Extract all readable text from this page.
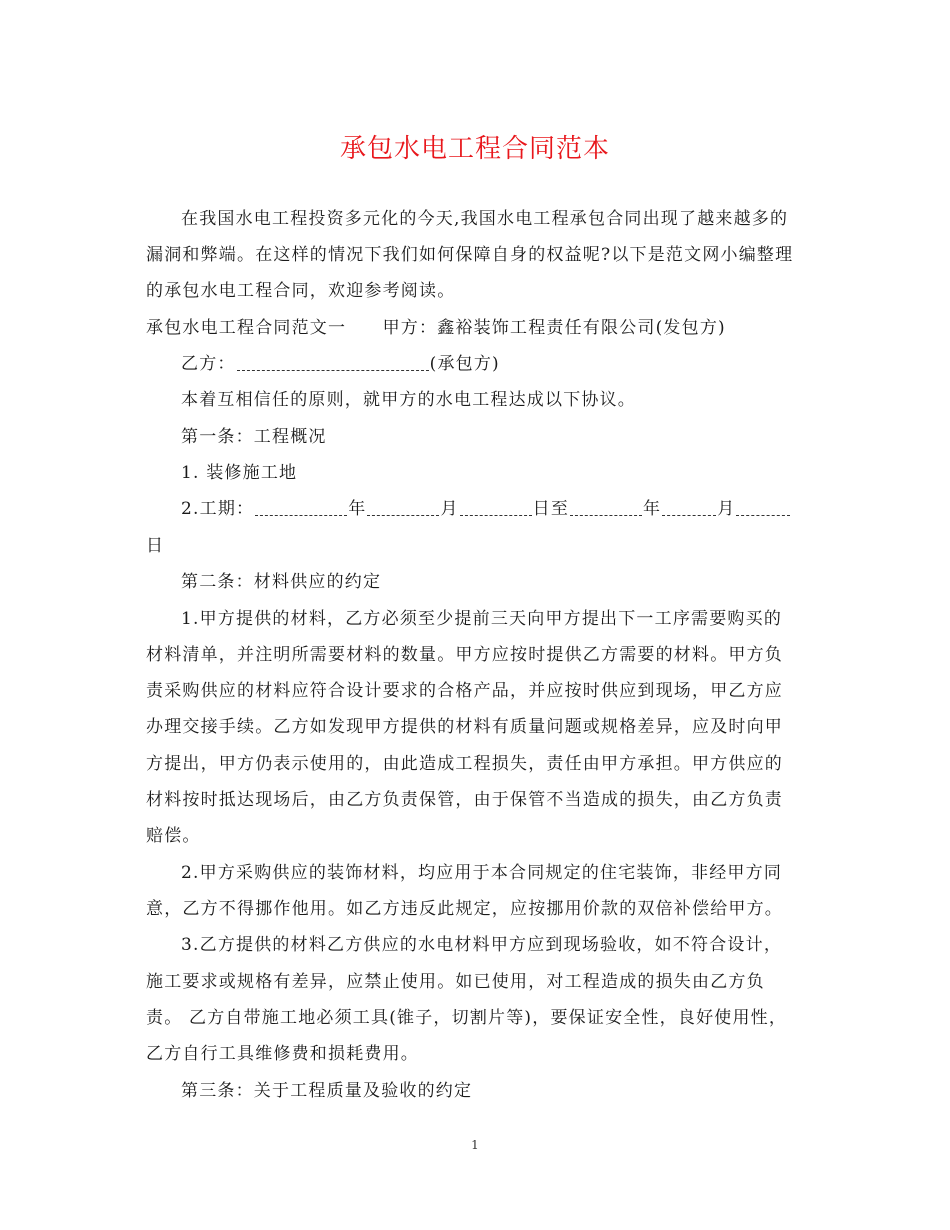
承包水电工程合同范本
在我国水电工程投资多元化的今天,我国水电工程承包合同出现了越来越多的
漏洞和弊端。在这样的情况下我们如何保障自身的权益呢?以下是范文网小编整理
的承包水电工程合同，欢迎参考阅读。
承包水电工程合同范文一　　甲方：鑫裕装饰工程责任有限公司(发包方)
乙方：	(承包方)
本着互相信任的原则，就甲方的水电工程达成以下协议。
第一条：工程概况
1. 装修施工地
2.工期：	年	月	日至	年	月
日
第二条：材料供应的约定
1.甲方提供的材料，乙方必须至少提前三天向甲方提出下一工序需要购买的
材料清单，并注明所需要材料的数量。甲方应按时提供乙方需要的材料。甲方负
责采购供应的材料应符合设计要求的合格产品，并应按时供应到现场，甲乙方应
办理交接手续。乙方如发现甲方提供的材料有质量问题或规格差异，应及时向甲
方提出，甲方仍表示使用的，由此造成工程损失，责任由甲方承担。甲方供应的
材料按时抵达现场后，由乙方负责保管，由于保管不当造成的损失，由乙方负责
赔偿。
2.甲方采购供应的装饰材料，均应用于本合同规定的住宅装饰，非经甲方同
意，乙方不得挪作他用。如乙方违反此规定，应按挪用价款的双倍补偿给甲方。
3.乙方提供的材料乙方供应的水电材料甲方应到现场验收，如不符合设计，
施工要求或规格有差异，应禁止使用。如已使用，对工程造成的损失由乙方负
责。 乙方自带施工地必须工具(锥子，切割片等)，要保证安全性，良好使用性，
乙方自行工具维修费和损耗费用。
第三条：关于工程质量及验收的约定
1
